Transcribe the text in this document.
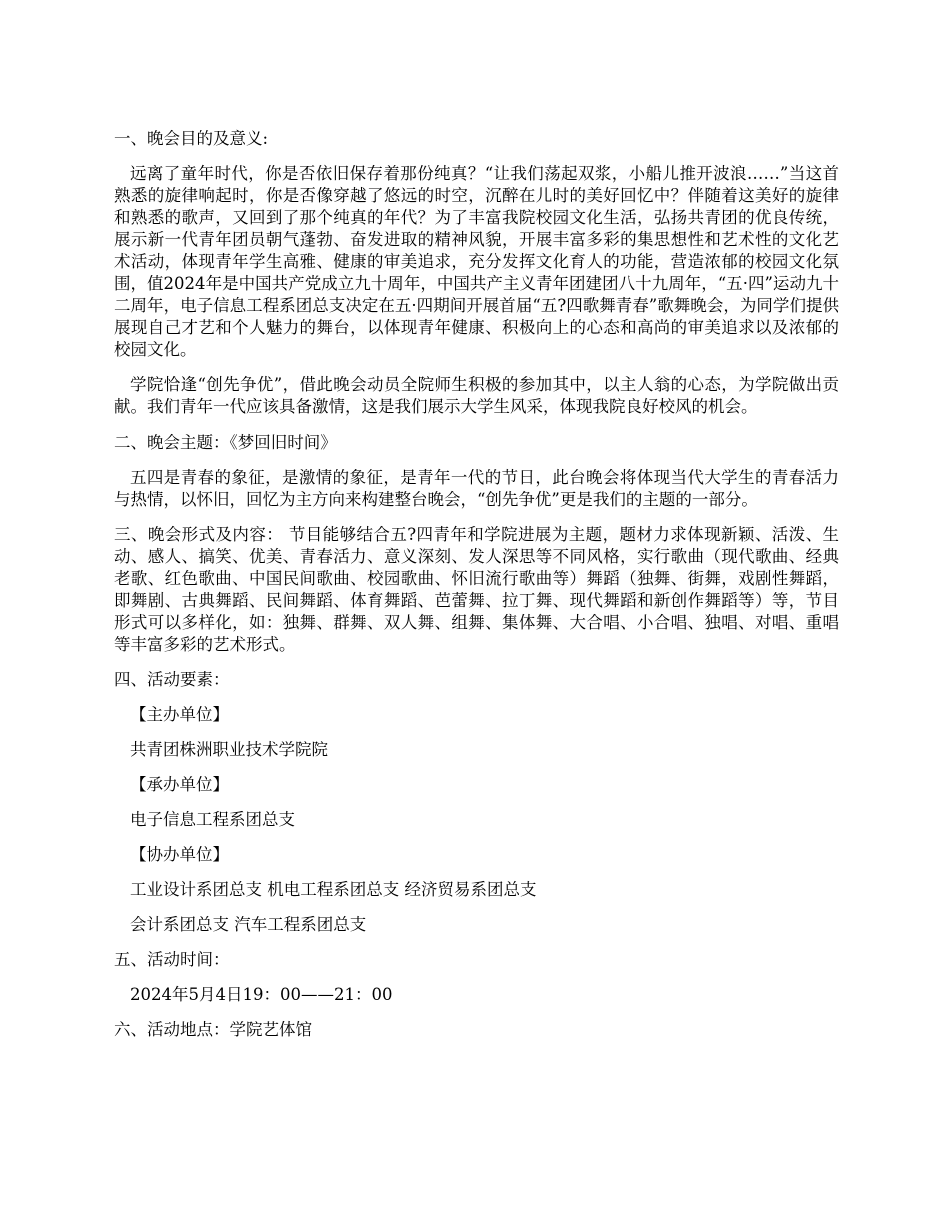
一、晚会目的及意义:

远离了童年时代，你是否依旧保存着那份纯真？“让我们荡起双浆，小船儿推开波浪……”当这首熟悉的旋律响起时，你是否像穿越了悠远的时空，沉醉在儿时的美好回忆中？伴随着这美好的旋律和熟悉的歌声，又回到了那个纯真的年代？为了丰富我院校园文化生活，弘扬共青团的优良传统，展示新一代青年团员朝气蓬勃、奋发进取的精神风貌，开展丰富多彩的集思想性和艺术性的文化艺术活动，体现青年学生高雅、健康的审美追求，充分发挥文化育人的功能，营造浓郁的校园文化氛围，值2024年是中国共产党成立九十周年，中国共产主义青年团建团八十九周年，“五·四”运动九十二周年，电子信息工程系团总支决定在五·四期间开展首届“五?四歌舞青春”歌舞晚会，为同学们提供展现自己才艺和个人魅力的舞台，以体现青年健康、积极向上的心态和高尚的审美追求以及浓郁的校园文化。

学院恰逢“创先争优”，借此晚会动员全院师生积极的参加其中，以主人翁的心态，为学院做出贡献。我们青年一代应该具备激情，这是我们展示大学生风采，体现我院良好校风的机会。

二、晚会主题：《梦回旧时间》

五四是青春的象征，是激情的象征，是青年一代的节日，此台晚会将体现当代大学生的青春活力与热情，以怀旧，回忆为主方向来构建整台晚会，“创先争优”更是我们的主题的一部分。

三、晚会形式及内容： 节目能够结合五?四青年和学院进展为主题，题材力求体现新颖、活泼、生动、感人、搞笑、优美、青春活力、意义深刻、发人深思等不同风格，实行歌曲（现代歌曲、经典老歌、红色歌曲、中国民间歌曲、校园歌曲、怀旧流行歌曲等）舞蹈（独舞、街舞，戏剧性舞蹈，即舞剧、古典舞蹈、民间舞蹈、体育舞蹈、芭蕾舞、拉丁舞、现代舞蹈和新创作舞蹈等）等，节目形式可以多样化，如：独舞、群舞、双人舞、组舞、集体舞、大合唱、小合唱、独唱、对唱、重唱等丰富多彩的艺术形式。

四、活动要素：

【主办单位】

共青团株洲职业技术学院院

【承办单位】

电子信息工程系团总支

【协办单位】

工业设计系团总支 机电工程系团总支 经济贸易系团总支

会计系团总支 汽车工程系团总支

五、活动时间：

2024年5月4日19：00——21：00

六、活动地点：学院艺体馆
